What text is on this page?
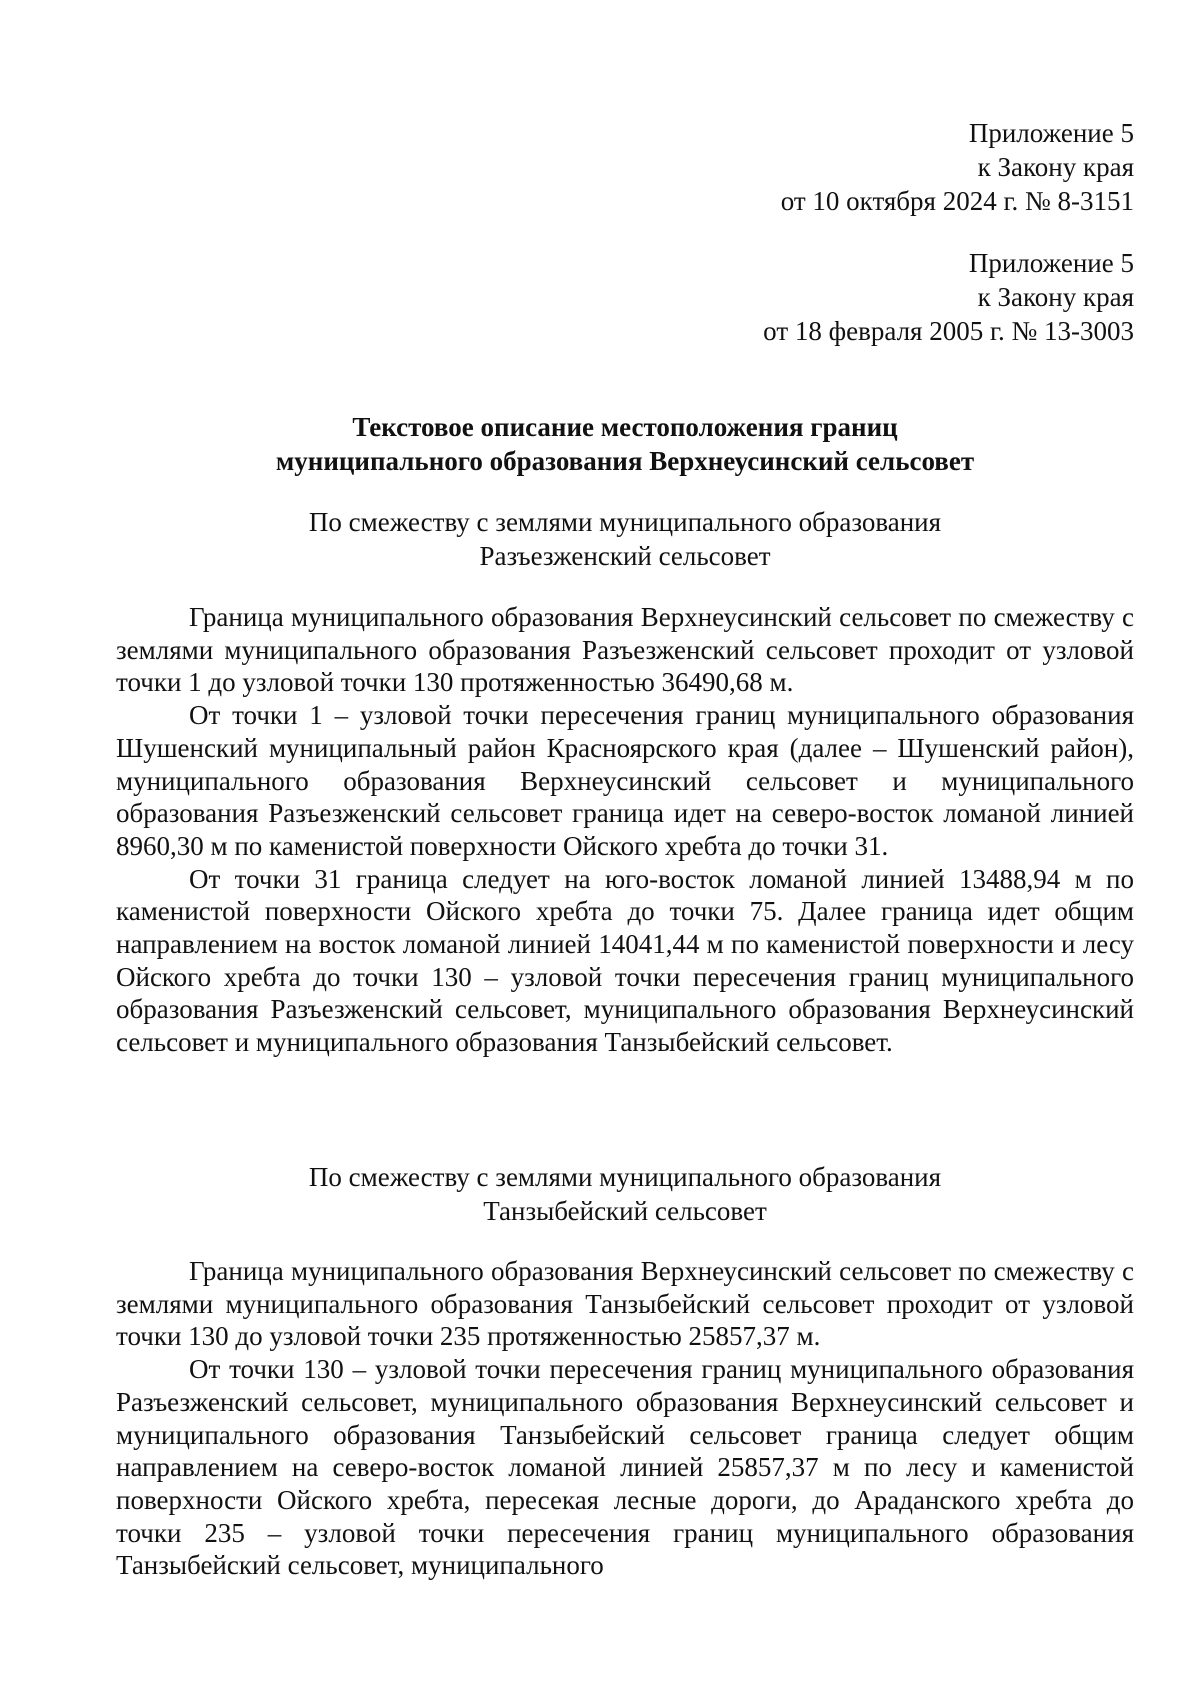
Приложение 5
к Закону края
от 10 октября 2024 г. № 8-3151
Приложение 5
к Закону края
от 18 февраля 2005 г. № 13-3003
Текстовое описание местоположения границ
муниципального образования Верхнеусинский сельсовет
По смежеству с землями муниципального образования
Разъезженский сельсовет

Граница муниципального образования Верхнеусинский сельсовет по смежеству с землями муниципального образования Разъезженский сельсовет проходит от узловой точки 1 до узловой точки 130 протяженностью 36490,68 м.

От точки 1 – узловой точки пересечения границ муниципального образования Шушенский муниципальный район Красноярского края (далее – Шушенский район), муниципального образования Верхнеусинский сельсовет и муниципального образования Разъезженский сельсовет граница идет на северо-восток ломаной линией 8960,30 м по каменистой поверхности Ойского хребта до точки 31.

От точки 31 граница следует на юго-восток ломаной линией 13488,94 м по каменистой поверхности Ойского хребта до точки 75. Далее граница идет общим направлением на восток ломаной линией 14041,44 м по каменистой поверхности и лесу Ойского хребта до точки 130 – узловой точки пересечения границ муниципального образования Разъезженский сельсовет, муниципального образования Верхнеусинский сельсовет и муниципального образования Танзыбейский сельсовет.

По смежеству с землями муниципального образования
Танзыбейский сельсовет

Граница муниципального образования Верхнеусинский сельсовет по смежеству с землями муниципального образования Танзыбейский сельсовет проходит от узловой точки 130 до узловой точки 235 протяженностью 25857,37 м.

От точки 130 – узловой точки пересечения границ муниципального образования Разъезженский сельсовет, муниципального образования Верхнеусинский сельсовет и муниципального образования Танзыбейский сельсовет граница следует общим направлением на северо-восток ломаной линией 25857,37 м по лесу и каменистой поверхности Ойского хребта, пересекая лесные дороги, до Араданского хребта до точки 235 – узловой точки пересечения границ муниципального образования Танзыбейский сельсовет, муниципального
